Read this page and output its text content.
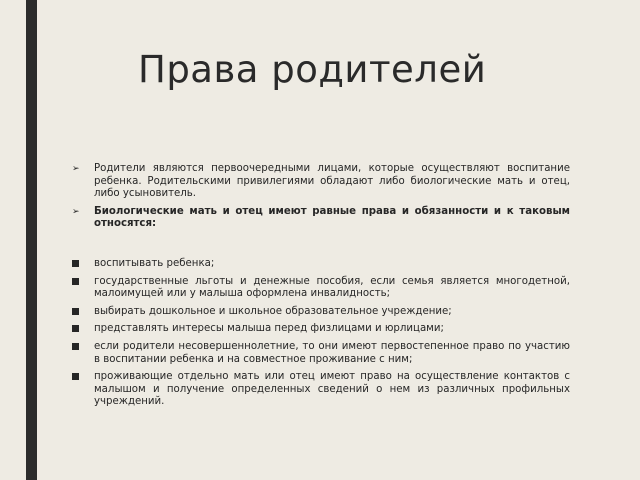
Права родителей
➢ Родители являются первоочередными лицами, которые осуществляют воспитание ребенка. Родительскими привилегиями обладают либо биологические мать и отец, либо усыновитель.
➢ Биологические мать и отец имеют равные права и обязанности и к таковым относятся:
воспитывать ребенка;
государственные льготы и денежные пособия, если семья является многодетной, малоимущей или у малыша оформлена инвалидность;
выбирать дошкольное и школьное образовательное учреждение;
представлять интересы малыша перед физлицами и юрлицами;
если родители несовершеннолетние, то они имеют первостепенное право по участию в воспитании ребенка и на совместное проживание с ним;
проживающие отдельно мать или отец имеют право на осуществление контактов с малышом и получение определенных сведений о нем из различных профильных учреждений.
